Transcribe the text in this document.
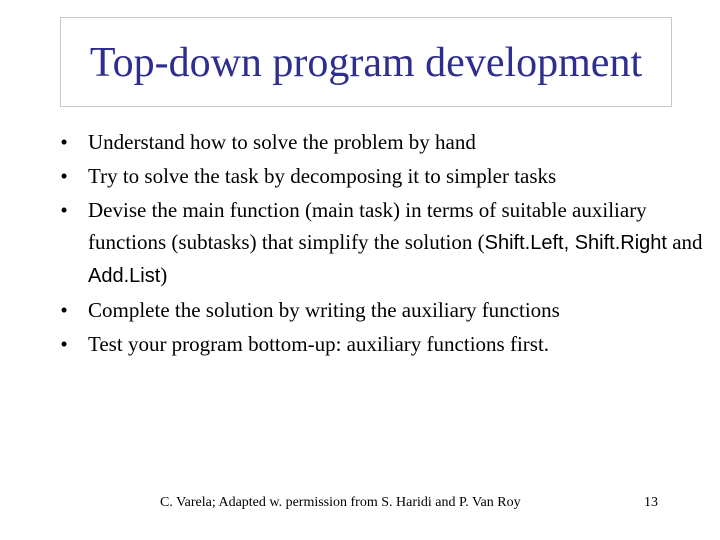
Top-down program development
• Understand how to solve the problem by hand
• Try to solve the task by decomposing it to simpler tasks
• Devise the main function (main task) in terms of suitable auxiliary functions (subtasks) that simplify the solution (Shift.Left, Shift.Right and Add.List)
• Complete the solution by writing the auxiliary functions
• Test your program bottom-up: auxiliary functions first.
C. Varela; Adapted w. permission from S. Haridi and P. Van Roy	13
